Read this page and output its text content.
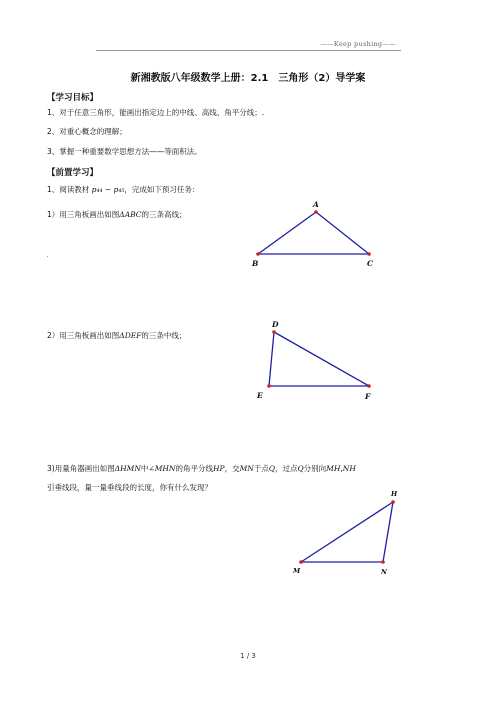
——Keep pushing——
新湘教版八年级数学上册：2.1　三角形（2）导学案
【学习目标】
1、对于任意三角形，能画出指定边上的中线、高线、角平分线；.
2、对重心概念的理解；
3、掌握一种重要数学思想方法——等面积法。
【前置学习】
1、阅读教材 p₄₄ − p₄₅，完成如下预习任务：
1）用三角板画出如图ΔABC的三条高线；
A
B	C
2）用三角板画出如图ΔDEF的三条中线；
D
E	F
3)用量角器画出如图ΔHMN中∠MHN的角平分线HP，交MN于点Q，过点Q分别向MH,NH
引垂线段，量一量垂线段的长度，你有什么发现？
H
M	N
1 / 3
